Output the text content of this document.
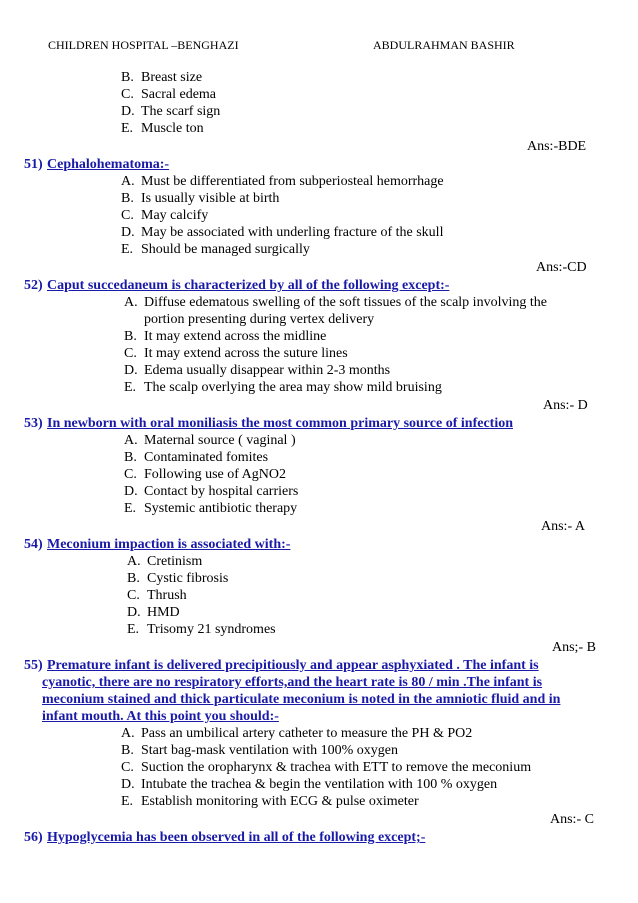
CHILDREN HOSPITAL –BENGHAZI	ABDULRAHMAN BASHIR
B. Breast size
C. Sacral edema
D. The scarf sign
E. Muscle ton
Ans:-BDE
51) Cephalohematoma:-
A. Must be differentiated from subperiosteal hemorrhage
B. Is usually visible at birth
C. May calcify
D. May be associated with underling fracture of the skull
E. Should be managed surgically
Ans:-CD
52) Caput succedaneum is characterized by all of the following except:-
A. Diffuse edematous swelling of the soft tissues of the scalp involving the
portion presenting during vertex delivery
B. It may extend across the midline
C. It may extend across the suture lines
D. Edema usually disappear within 2-3 months
E. The scalp overlying the area may show mild bruising
Ans:- D
53) In newborn with oral moniliasis the most common primary source of infection
A. Maternal source ( vaginal )
B. Contaminated fomites
C. Following use of AgNO2
D. Contact by hospital carriers
E. Systemic antibiotic therapy
Ans:- A
54) Meconium impaction is associated with:-
A. Cretinism
B. Cystic fibrosis
C. Thrush
D. HMD
E. Trisomy 21 syndromes
Ans;- B
55) Premature infant is delivered precipitiously and appear asphyxiated . The infant is
cyanotic, there are no respiratory efforts,and the heart rate is 80 / min .The infant is
meconium stained and thick particulate meconium is noted in the amniotic fluid and in
infant mouth. At this point you should:-
A. Pass an umbilical artery catheter to measure the PH & PO2
B. Start bag-mask ventilation with 100% oxygen
C. Suction the oropharynx & trachea with ETT to remove the meconium
D. Intubate the trachea & begin the ventilation with 100 % oxygen
E. Establish monitoring with ECG & pulse oximeter
Ans:- C
56) Hypoglycemia has been observed in all of the following except;-
